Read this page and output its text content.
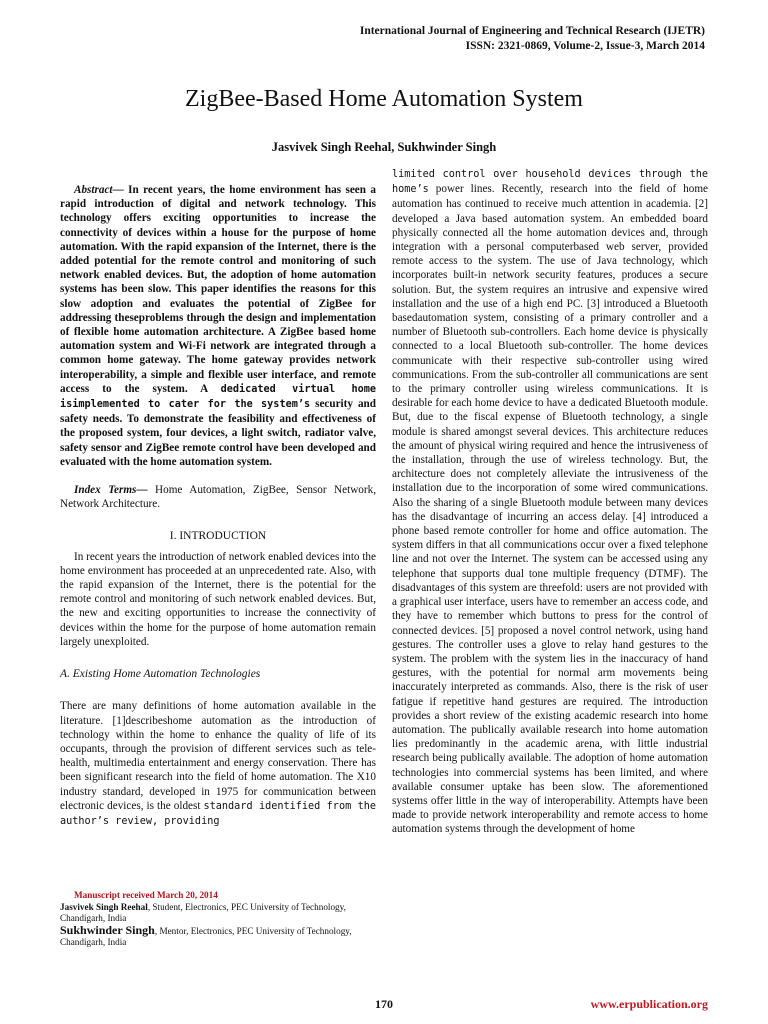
International Journal of Engineering and Technical Research (IJETR)
ISSN: 2321-0869, Volume-2, Issue-3, March 2014
ZigBee-Based Home Automation System
Jasvivek Singh Reehal, Sukhwinder Singh

Abstract— In recent years, the home environment has seen a rapid introduction of digital and network technology. This technology offers exciting opportunities to increase the connectivity of devices within a house for the purpose of home automation. With the rapid expansion of the Internet, there is the added potential for the remote control and monitoring of such network enabled devices. But, the adoption of home automation systems has been slow. This paper identifies the reasons for this slow adoption and evaluates the potential of ZigBee for addressing theseproblems through the design and implementation of flexible home automation architecture. A ZigBee based home automation system and Wi-Fi network are integrated through a common home gateway. The home gateway provides network interoperability, a simple and flexible user interface, and remote access to the system. A dedicated virtual home isimplemented to cater for the system’s security and safety needs. To demonstrate the feasibility and effectiveness of the proposed system, four devices, a light switch, radiator valve, safety sensor and ZigBee remote control have been developed and evaluated with the home automation system.

Index Terms— Home Automation, ZigBee, Sensor Network, Network Architecture.

I. INTRODUCTION

In recent years the introduction of network enabled devices into the home environment has proceeded at an unprecedented rate. Also, with the rapid expansion of the Internet, there is the potential for the remote control and monitoring of such network enabled devices. But, the new and exciting opportunities to increase the connectivity of devices within the home for the purpose of home automation remain largely unexploited.

A. Existing Home Automation Technologies

There are many definitions of home automation available in the literature. [1]describeshome automation as the introduction of technology within the home to enhance the quality of life of its occupants, through the provision of different services such as tele-health, multimedia entertainment and energy conservation. There has been significant research into the field of home automation. The X10 industry standard, developed in 1975 for communication between electronic devices, is the oldest standard identified from the author’s review, providing

limited control over household devices through the home’s power lines. Recently, research into the field of home automation has continued to receive much attention in academia. [2] developed a Java based automation system. An embedded board physically connected all the home automation devices and, through integration with a personal computerbased web server, provided remote access to the system. The use of Java technology, which incorporates built-in network security features, produces a secure solution. But, the system requires an intrusive and expensive wired installation and the use of a high end PC. [3] introduced a Bluetooth basedautomation system, consisting of a primary controller and a number of Bluetooth sub-controllers. Each home device is physically connected to a local Bluetooth sub-controller. The home devices communicate with their respective sub-controller using wired communications. From the sub-controller all communications are sent to the primary controller using wireless communications. It is desirable for each home device to have a dedicated Bluetooth module. But, due to the fiscal expense of Bluetooth technology, a single module is shared amongst several devices. This architecture reduces the amount of physical wiring required and hence the intrusiveness of the installation, through the use of wireless technology. But, the architecture does not completely alleviate the intrusiveness of the installation due to the incorporation of some wired communications. Also the sharing of a single Bluetooth module between many devices has the disadvantage of incurring an access delay. [4] introduced a phone based remote controller for home and office automation. The system differs in that all communications occur over a fixed telephone line and not over the Internet. The system can be accessed using any telephone that supports dual tone multiple frequency (DTMF). The disadvantages of this system are threefold: users are not provided with a graphical user interface, users have to remember an access code, and they have to remember which buttons to press for the control of connected devices. [5] proposed a novel control network, using hand gestures. The controller uses a glove to relay hand gestures to the system. The problem with the system lies in the inaccuracy of hand gestures, with the potential for normal arm movements being inaccurately interpreted as commands. Also, there is the risk of user fatigue if repetitive hand gestures are required. The introduction provides a short review of the existing academic research into home automation. The publically available research into home automation lies predominantly in the academic arena, with little industrial research being publically available. The adoption of home automation technologies into commercial systems has been limited, and where available consumer uptake has been slow. The aforementioned systems offer little in the way of interoperability. Attempts have been made to provide network interoperability and remote access to home automation systems through the development of home

Manuscript received March 20, 2014

Jasvivek Singh Reehal, Student, Electronics, PEC University of Technology, Chandigarh, India

Sukhwinder Singh, Mentor, Electronics, PEC University of Technology, Chandigarh, India

170	www.erpublication.org
